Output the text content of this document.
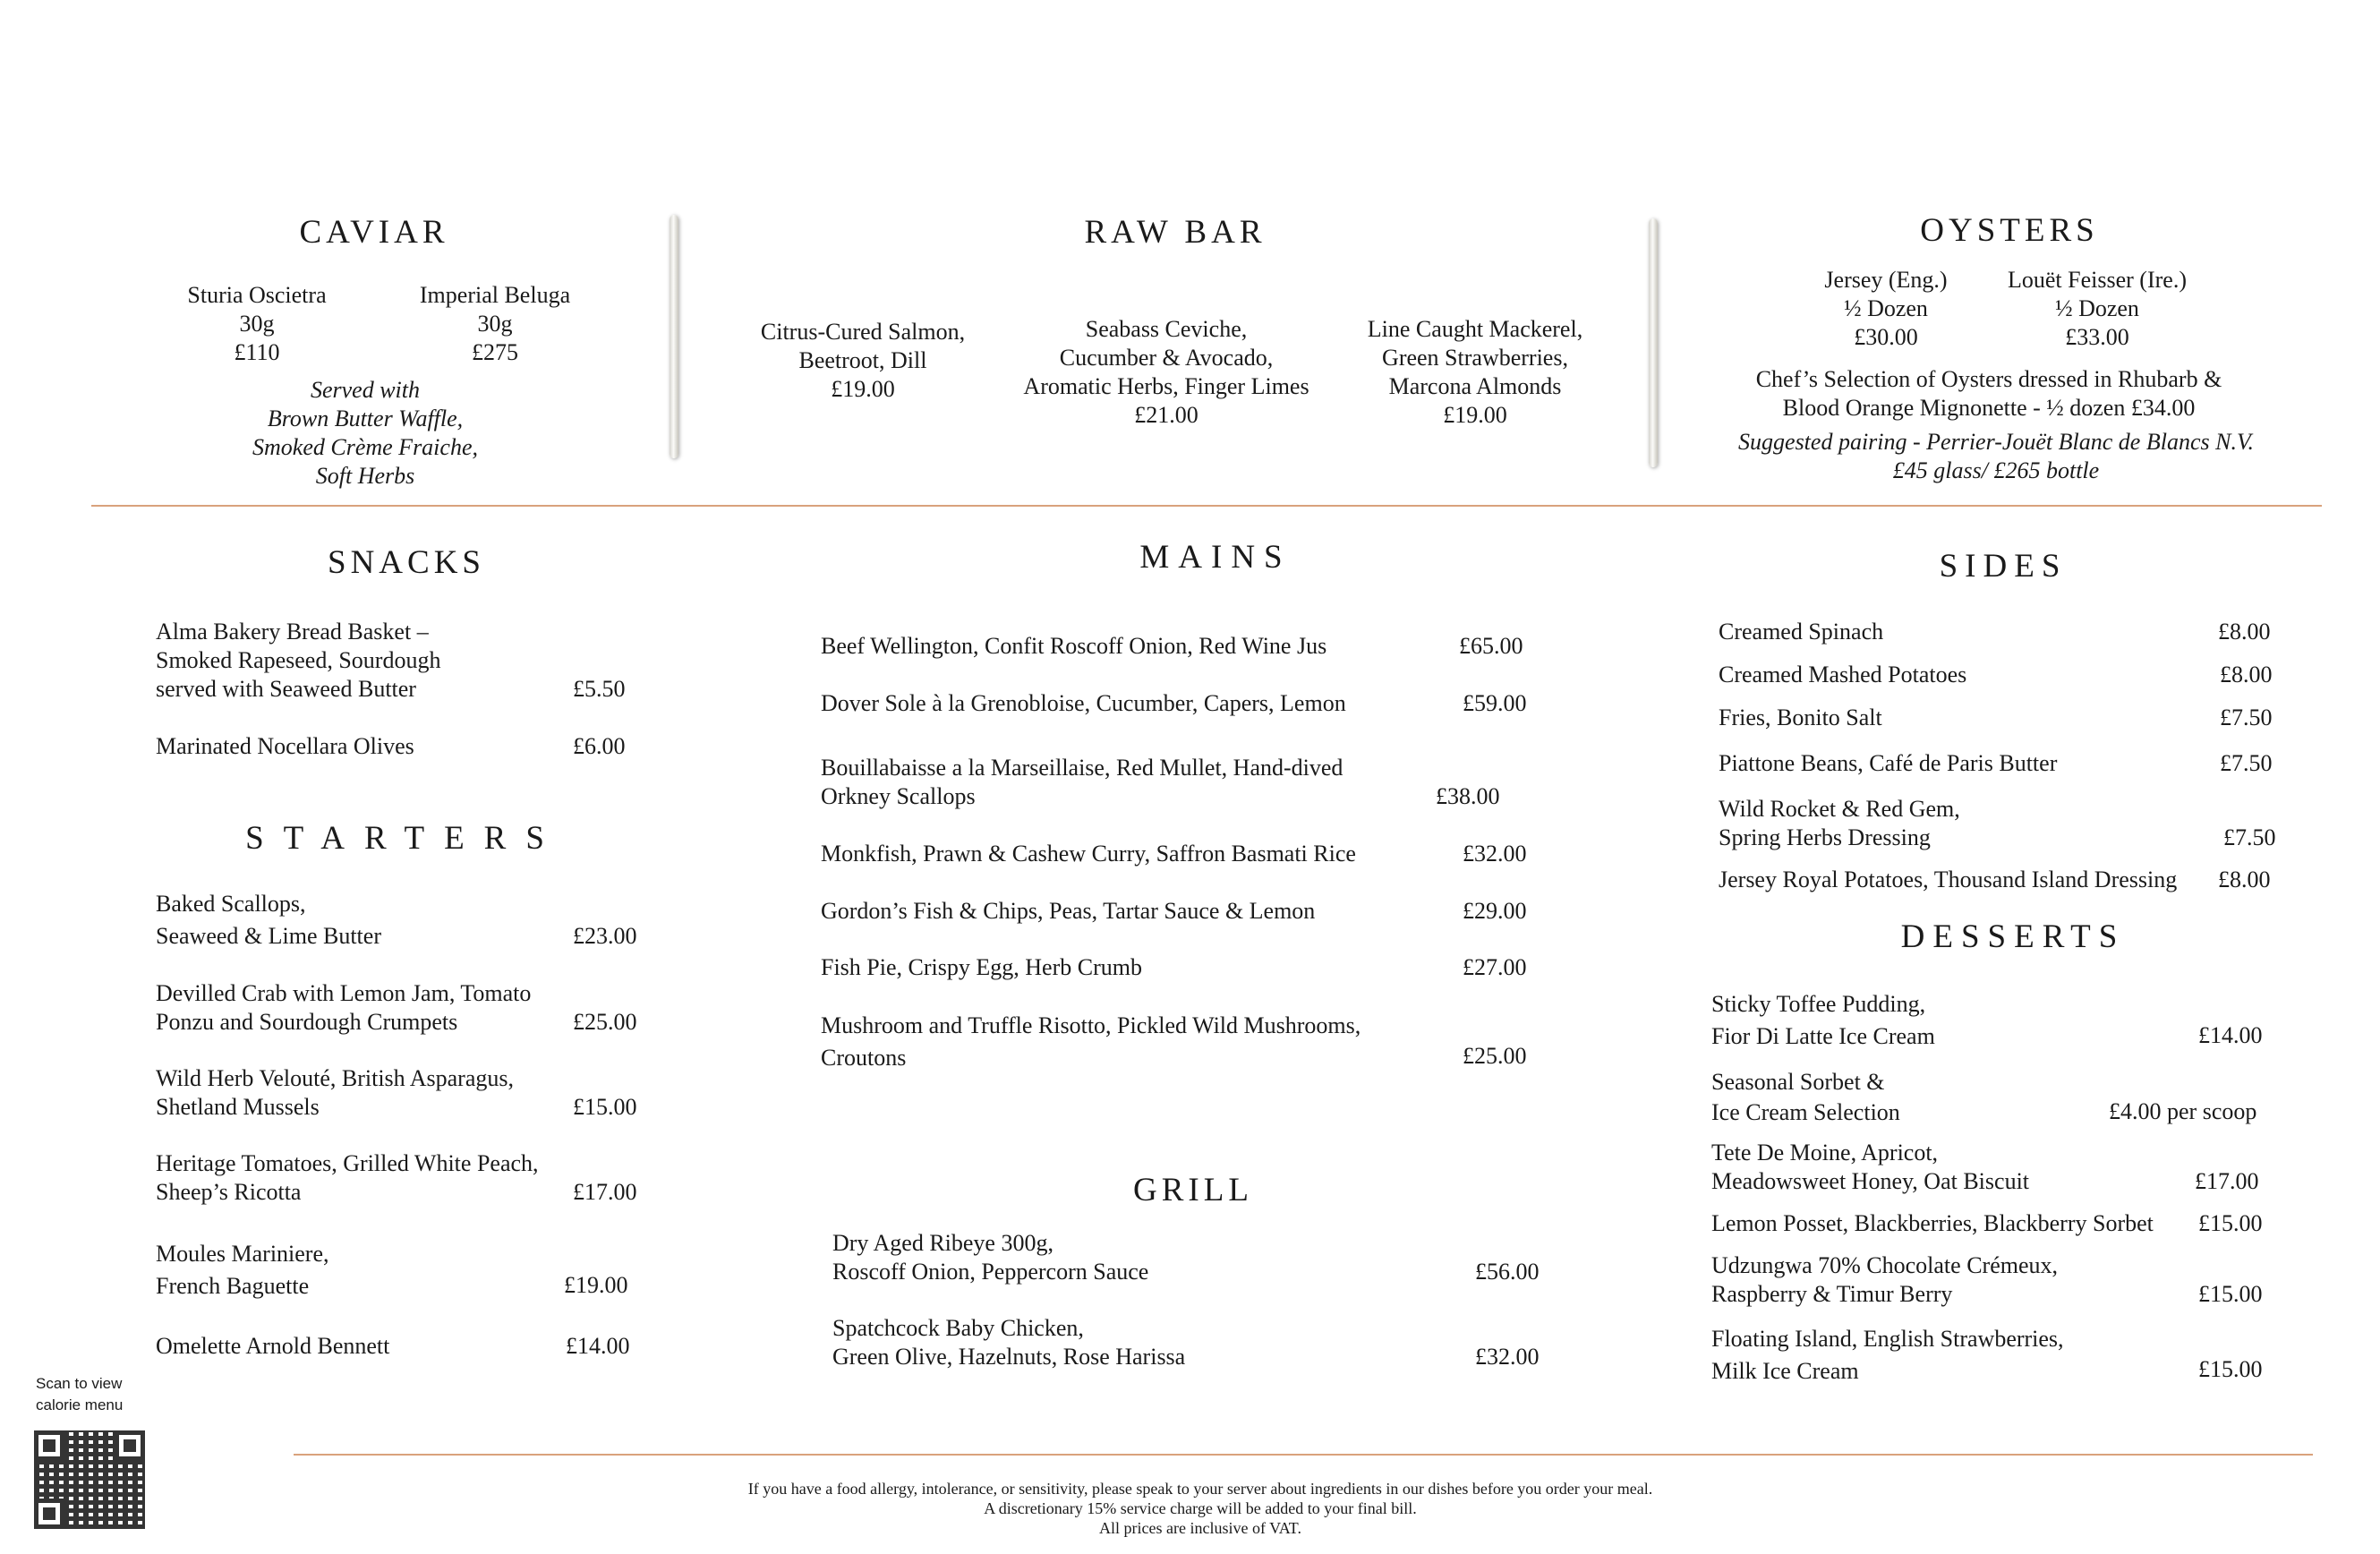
CAVIAR
Sturia Oscietra
30g
£110
Imperial Beluga
30g
£275
Served with
Brown Butter Waffle,
Smoked Crème Fraiche,
Soft Herbs
RAW BAR
Citrus-Cured Salmon,
Beetroot, Dill
£19.00
Seabass Ceviche,
Cucumber & Avocado,
Aromatic Herbs, Finger Limes
£21.00
Line Caught Mackerel,
Green Strawberries,
Marcona Almonds
£19.00
OYSTERS
Jersey (Eng.)
½ Dozen
£30.00
Louët Feisser (Ire.)
½ Dozen
£33.00
Chef’s Selection of Oysters dressed in Rhubarb &
Blood Orange Mignonette - ½ dozen £34.00
Suggested pairing - Perrier-Jouët Blanc de Blancs N.V.
£45 glass/ £265 bottle
SNACKS
Alma Bakery Bread Basket –
Smoked Rapeseed, Sourdough
served with Seaweed Butter	£5.50
Marinated Nocellara Olives	£6.00
STARTERS
Baked Scallops,
Seaweed & Lime Butter	£23.00
Devilled Crab with Lemon Jam, Tomato
Ponzu and Sourdough Crumpets	£25.00
Wild Herb Velouté, British Asparagus,
Shetland Mussels	£15.00
Heritage Tomatoes, Grilled White Peach,
Sheep’s Ricotta	£17.00
Moules Mariniere,
French Baguette	£19.00
Omelette Arnold Bennett	£14.00
Scan to view
calorie menu
MAINS
Beef Wellington, Confit Roscoff Onion, Red Wine Jus	£65.00
Dover Sole à la Grenobloise, Cucumber, Capers, Lemon	£59.00
Bouillabaisse a la Marseillaise, Red Mullet, Hand-dived
Orkney Scallops	£38.00
Monkfish, Prawn & Cashew Curry, Saffron Basmati Rice	£32.00
Gordon’s Fish & Chips, Peas, Tartar Sauce & Lemon	£29.00
Fish Pie, Crispy Egg, Herb Crumb	£27.00
Mushroom and Truffle Risotto, Pickled Wild Mushrooms,
Croutons	£25.00
GRILL
Dry Aged Ribeye 300g,
Roscoff Onion, Peppercorn Sauce	£56.00
Spatchcock Baby Chicken,
Green Olive, Hazelnuts, Rose Harissa	£32.00
SIDES
Creamed Spinach	£8.00
Creamed Mashed Potatoes	£8.00
Fries, Bonito Salt	£7.50
Piattone Beans, Café de Paris Butter	£7.50
Wild Rocket & Red Gem,
Spring Herbs Dressing	£7.50
Jersey Royal Potatoes, Thousand Island Dressing £8.00
DESSERTS
Sticky Toffee Pudding,
Fior Di Latte Ice Cream	£14.00
Seasonal Sorbet &
Ice Cream Selection	£4.00 per scoop
Tete De Moine, Apricot,
Meadowsweet Honey, Oat Biscuit	£17.00
Lemon Posset, Blackberries, Blackberry Sorbet £15.00
Udzungwa 70% Chocolate Crémeux,
Raspberry & Timur Berry	£15.00
Floating Island, English Strawberries,
Milk Ice Cream	£15.00
If you have a food allergy, intolerance, or sensitivity, please speak to your server about ingredients in our dishes before you order your meal.
A discretionary 15% service charge will be added to your final bill.
All prices are inclusive of VAT.
